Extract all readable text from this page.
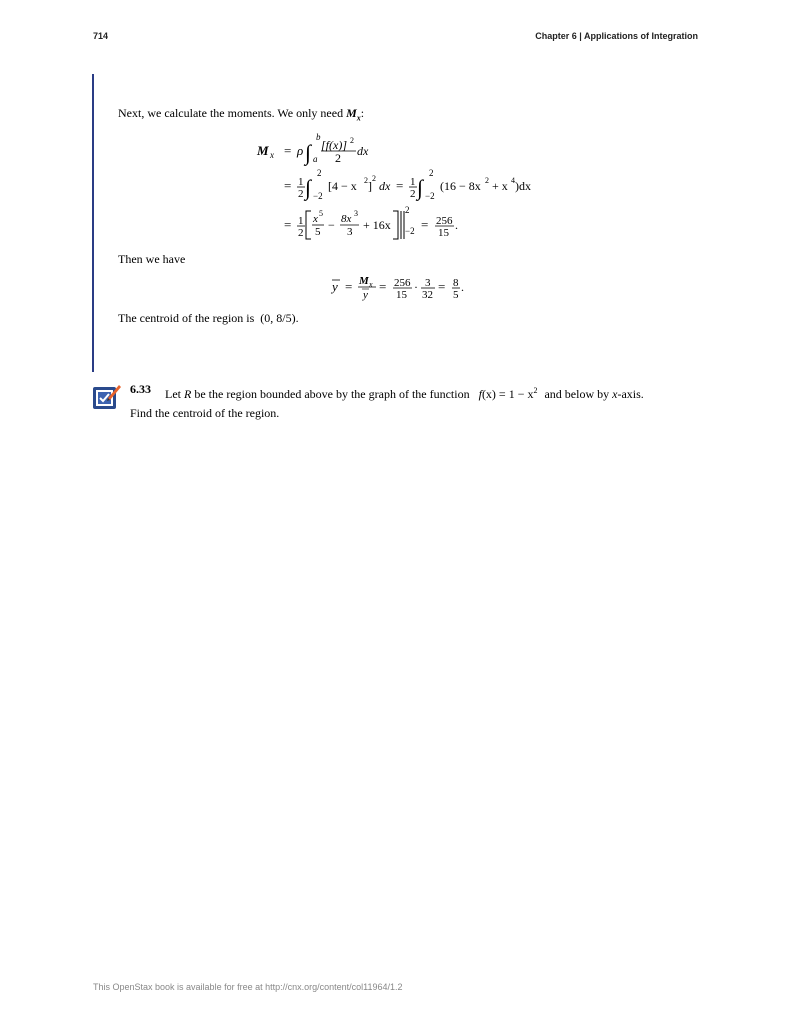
714	Chapter 6 | Applications of Integration
Next, we calculate the moments. We only need $M_x$:
M x = ρ ∫
b
a
[f(x)] 2
2 dx
= 1
2 ∫
2
−2
[4 − x 2 ]
2
dx = 1
2 ∫
2
−2
(16 − 8x 2 + x 4 )dx
= 1
2
x 5
5 − 8x 3
3 + 16x
2
−2 = 256
15
.
Then we have
y = M x
y
= 256
15
· 3
32
= 8
5
.
The centroid of the region is (0, 8/5).
6.33 Let R be the region bounded above by the graph of the function $f(x) = 1 - x^2$ and below by x-axis.
Find the centroid of the region.
This OpenStax book is available for free at http://cnx.org/content/col11964/1.2
